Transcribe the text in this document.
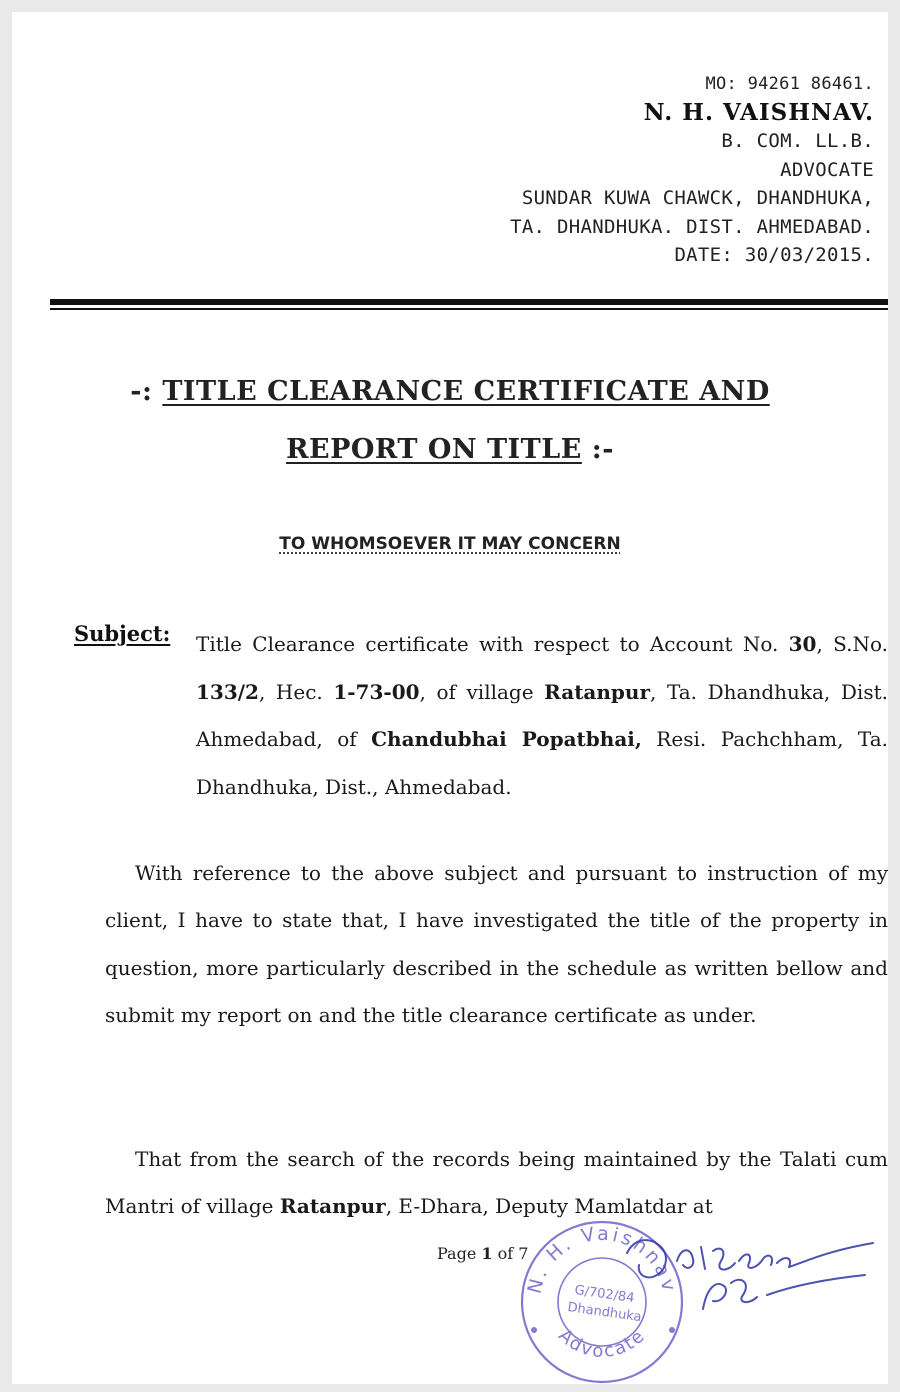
MO: 94261 86461.
N. H. VAISHNAV.
B. COM. LL.B.
ADVOCATE
SUNDAR KUWA CHAWCK, DHANDHUKA,
TA. DHANDHUKA. DIST. AHMEDABAD.
DATE: 30/03/2015.
-: TITLE CLEARANCE CERTIFICATE AND
REPORT ON TITLE :-
TO WHOMSOEVER IT MAY CONCERN
Subject: Title Clearance certificate with respect to Account No. 30, S.No. 133/2, Hec. 1-73-00, of village Ratanpur, Ta. Dhandhuka, Dist. Ahmedabad, of Chandubhai Popatbhai, Resi. Pachchham, Ta. Dhandhuka, Dist., Ahmedabad.
With reference to the above subject and pursuant to instruction of my client, I have to state that, I have investigated the title of the property in question, more particularly described in the schedule as written bellow and submit my report on and the title clearance certificate as under.
That from the search of the records being maintained by the Talati cum Mantri of village Ratanpur, E-Dhara, Deputy Mamlatdar at
Page 1 of 7
N. H. Vaishnav
Advocate
G/702/84
Dhandhuka
